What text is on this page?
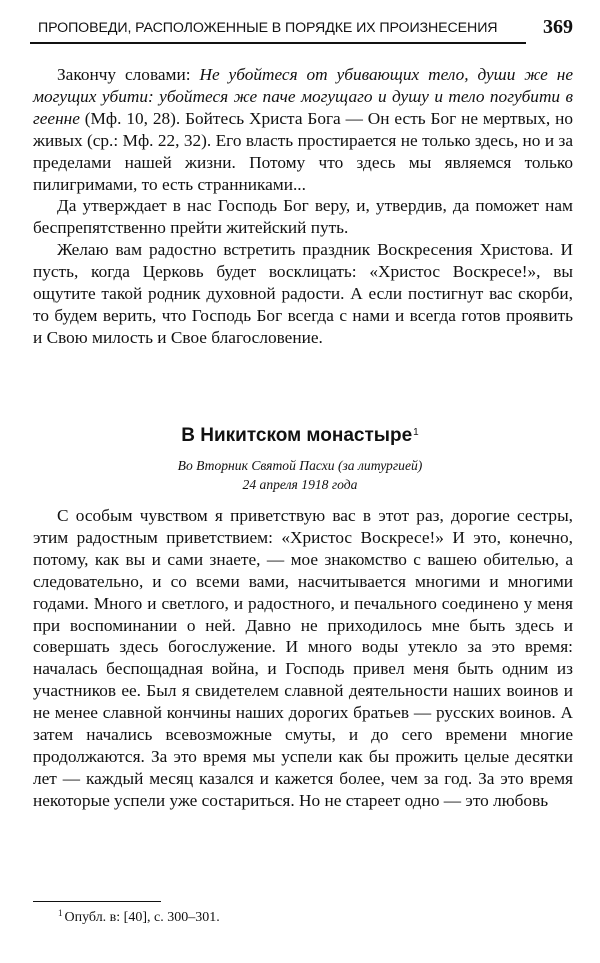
ПРОПОВЕДИ, РАСПОЛОЖЕННЫЕ В ПОРЯДКЕ ИХ ПРОИЗНЕСЕНИЯ 369

Закончу словами: Не убойтеся от убивающих тело, души же не могущих убити: убойтеся же паче могущаго и душу и тело погубити в геенне (Мф. 10, 28). Бойтесь Христа Бога — Он есть Бог не мертвых, но живых (ср.: Мф. 22, 32). Его власть простирается не только здесь, но и за пределами нашей жизни. Потому что здесь мы являемся только пилигримами, то есть странниками...

Да утверждает в нас Господь Бог веру, и, утвердив, да поможет нам беспрепятственно прейти житейский путь.

Желаю вам радостно встретить праздник Воскресения Христова. И пусть, когда Церковь будет восклицать: «Христос Воскресе!», вы ощутите такой родник духовной радости. А если постигнут вас скорби, то будем верить, что Господь Бог всегда с нами и всегда готов проявить и Свою милость и Свое благословение.

В Никитском монастыре$^1$
Во Вторник Святой Пасхи (за литургией)
24 апреля 1918 года

С особым чувством я приветствую вас в этот раз, дорогие сестры, этим радостным приветствием: «Христос Воскресе!» И это, конечно, потому, как вы и сами знаете, — мое знакомство с вашею обителью, а следовательно, и со всеми вами, насчитывается многими и многими годами. Много и светлого, и радостного, и печального соединено у меня при воспоминании о ней. Давно не приходилось мне быть здесь и совершать здесь богослужение. И много воды утекло за это время: началась беспощадная война, и Господь привел меня быть одним из участников ее. Был я свидетелем славной деятельности наших воинов и не менее славной кончины наших дорогих братьев — русских воинов. А затем начались всевозможные смуты, и до сего времени многие продолжаются. За это время мы успели как бы прожить целые десятки лет — каждый месяц казался и кажется более, чем за год. За это время некоторые успели уже состариться. Но не стареет одно — это любовь

$^1$ Опубл. в: [40], с. 300–301.
